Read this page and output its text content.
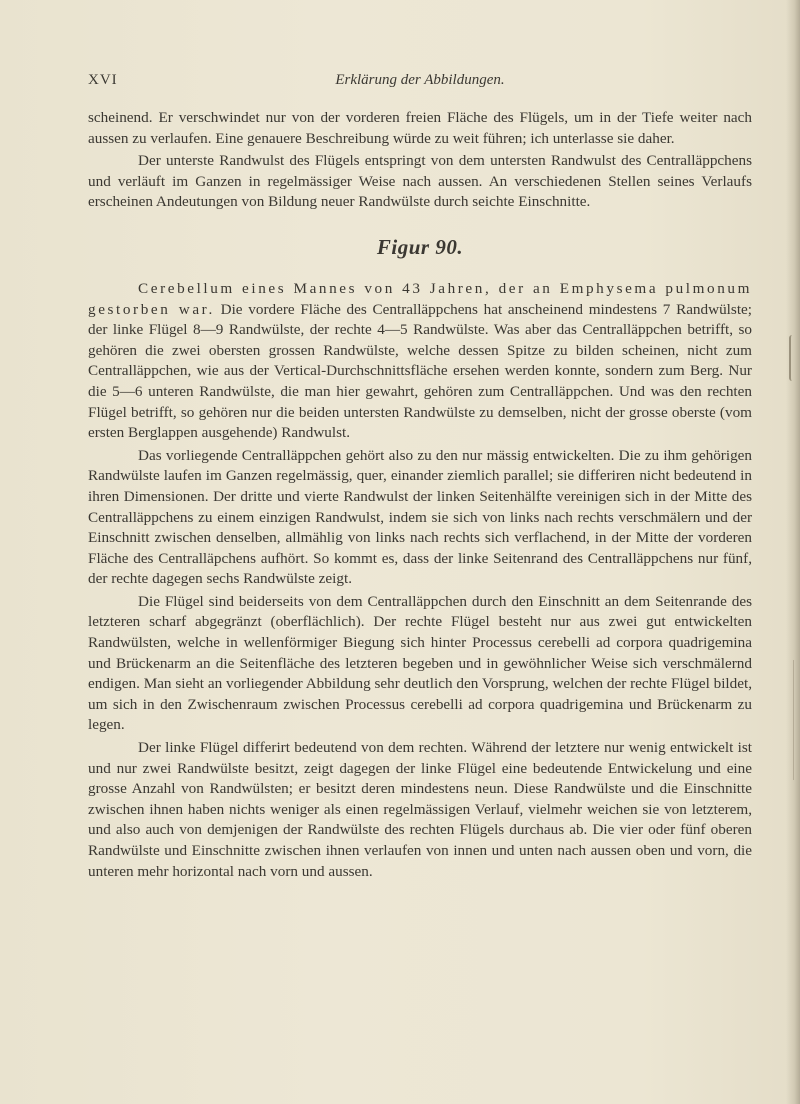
XVI	Erklärung der Abbildungen.

scheinend. Er verschwindet nur von der vorderen freien Fläche des Flügels, um in der Tiefe weiter nach aussen zu verlaufen. Eine genauere Beschreibung würde zu weit führen; ich unterlasse sie daher.

Der unterste Randwulst des Flügels entspringt von dem untersten Randwulst des Centralläppchens und verläuft im Ganzen in regelmässiger Weise nach aussen. An verschiedenen Stellen seines Verlaufs erscheinen Andeutungen von Bildung neuer Randwülste durch seichte Einschnitte.

Figur 90.

Cerebellum eines Mannes von 43 Jahren, der an Emphysema pulmonum gestorben war. Die vordere Fläche des Centralläppchens hat anscheinend mindestens 7 Randwülste; der linke Flügel 8—9 Randwülste, der rechte 4—5 Randwülste. Was aber das Centralläppchen betrifft, so gehören die zwei obersten grossen Randwülste, welche dessen Spitze zu bilden scheinen, nicht zum Centralläppchen, wie aus der Vertical-Durchschnittsfläche ersehen werden konnte, sondern zum Berg. Nur die 5—6 unteren Randwülste, die man hier gewahrt, gehören zum Centralläppchen. Und was den rechten Flügel betrifft, so gehören nur die beiden untersten Randwülste zu demselben, nicht der grosse oberste (vom ersten Berglappen ausgehende) Randwulst.

Das vorliegende Centralläppchen gehört also zu den nur mässig entwickelten. Die zu ihm gehörigen Randwülste laufen im Ganzen regelmässig, quer, einander ziemlich parallel; sie differiren nicht bedeutend in ihren Dimensionen. Der dritte und vierte Randwulst der linken Seitenhälfte vereinigen sich in der Mitte des Centralläppchens zu einem einzigen Randwulst, indem sie sich von links nach rechts verschmälern und der Einschnitt zwischen denselben, allmählig von links nach rechts sich verflachend, in der Mitte der vorderen Fläche des Centralläpchens aufhört. So kommt es, dass der linke Seitenrand des Centralläppchens nur fünf, der rechte dagegen sechs Randwülste zeigt.

Die Flügel sind beiderseits von dem Centralläppchen durch den Einschnitt an dem Seitenrande des letzteren scharf abgegränzt (oberflächlich). Der rechte Flügel besteht nur aus zwei gut entwickelten Randwülsten, welche in wellenförmiger Biegung sich hinter Processus cerebelli ad corpora quadrigemina und Brückenarm an die Seitenfläche des letzteren begeben und in gewöhnlicher Weise sich verschmälernd endigen. Man sieht an vorliegender Abbildung sehr deutlich den Vorsprung, welchen der rechte Flügel bildet, um sich in den Zwischenraum zwischen Processus cerebelli ad corpora quadrigemina und Brückenarm zu legen.

Der linke Flügel differirt bedeutend von dem rechten. Während der letztere nur wenig entwickelt ist und nur zwei Randwülste besitzt, zeigt dagegen der linke Flügel eine bedeutende Entwickelung und eine grosse Anzahl von Randwülsten; er besitzt deren mindestens neun. Diese Randwülste und die Einschnitte zwischen ihnen haben nichts weniger als einen regelmässigen Verlauf, vielmehr weichen sie von letzterem, und also auch von demjenigen der Randwülste des rechten Flügels durchaus ab. Die vier oder fünf oberen Randwülste und Einschnitte zwischen ihnen verlaufen von innen und unten nach aussen oben und vorn, die unteren mehr horizontal nach vorn und aussen.
